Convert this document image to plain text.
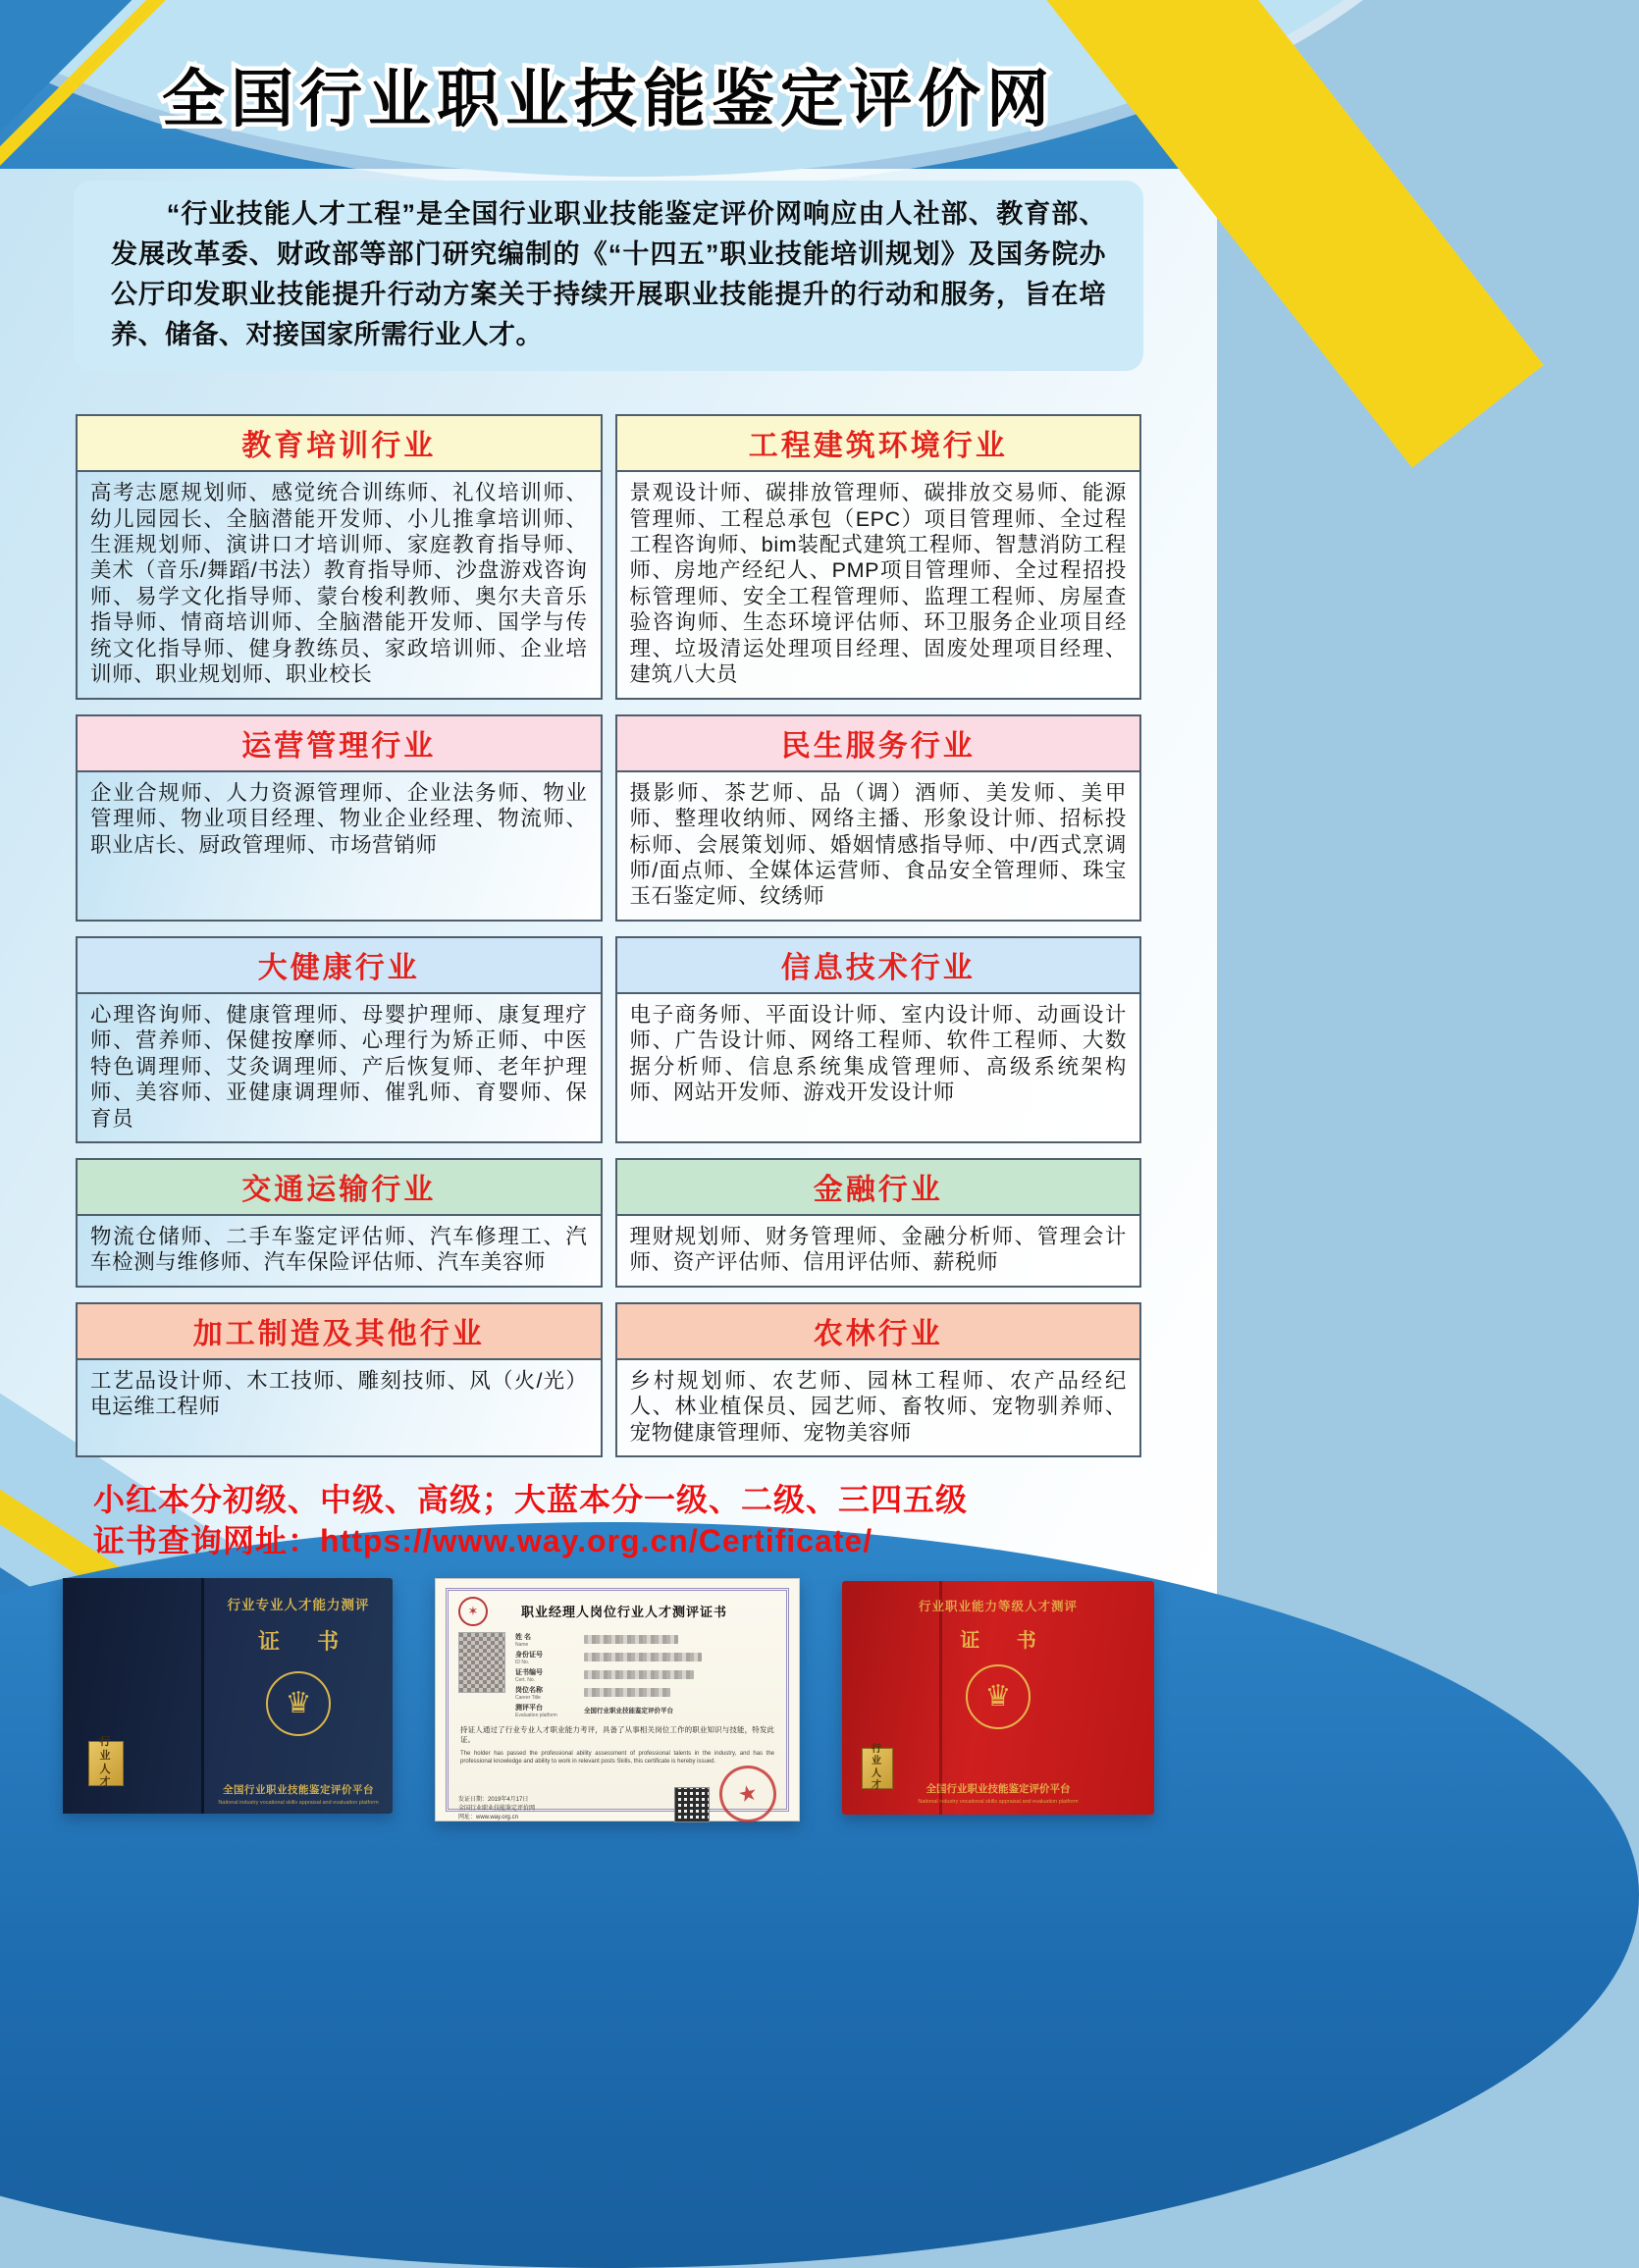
全国行业职业技能鉴定评价网

“行业技能人才工程”是全国行业职业技能鉴定评价网响应由人社部、教育部、发展改革委、财政部等部门研究编制的《“十四五”职业技能培训规划》及国务院办公厅印发职业技能提升行动方案关于持续开展职业技能提升的行动和服务，旨在培养、储备、对接国家所需行业人才。

教育培训行业
高考志愿规划师、感觉统合训练师、礼仪培训师、幼儿园园长、全脑潜能开发师、小儿推拿培训师、生涯规划师、演讲口才培训师、家庭教育指导师、美术（音乐/舞蹈/书法）教育指导师、沙盘游戏咨询师、易学文化指导师、蒙台梭利教师、奥尔夫音乐指导师、情商培训师、全脑潜能开发师、国学与传统文化指导师、健身教练员、家政培训师、企业培训师、职业规划师、职业校长
工程建筑环境行业
景观设计师、碳排放管理师、碳排放交易师、能源管理师、工程总承包（EPC）项目管理师、全过程工程咨询师、bim装配式建筑工程师、智慧消防工程师、房地产经纪人、PMP项目管理师、全过程招投标管理师、安全工程管理师、监理工程师、房屋查验咨询师、生态环境评估师、环卫服务企业项目经理、垃圾清运处理项目经理、固废处理项目经理、建筑八大员
运营管理行业
企业合规师、人力资源管理师、企业法务师、物业管理师、物业项目经理、物业企业经理、物流师、职业店长、厨政管理师、市场营销师
民生服务行业
摄影师、茶艺师、品（调）酒师、美发师、美甲师、整理收纳师、网络主播、形象设计师、招标投标师、会展策划师、婚姻情感指导师、中/西式烹调师/面点师、全媒体运营师、食品安全管理师、珠宝玉石鉴定师、纹绣师
大健康行业
心理咨询师、健康管理师、母婴护理师、康复理疗师、营养师、保健按摩师、心理行为矫正师、中医特色调理师、艾灸调理师、产后恢复师、老年护理师、美容师、亚健康调理师、催乳师、育婴师、保育员
信息技术行业
电子商务师、平面设计师、室内设计师、动画设计师、广告设计师、网络工程师、软件工程师、大数据分析师、信息系统集成管理师、高级系统架构师、网站开发师、游戏开发设计师
交通运输行业
物流仓储师、二手车鉴定评估师、汽车修理工、汽车检测与维修师、汽车保险评估师、汽车美容师
金融行业
理财规划师、财务管理师、金融分析师、管理会计师、资产评估师、信用评估师、薪税师
加工制造及其他行业
工艺品设计师、木工技师、雕刻技师、风（火/光）电运维工程师
农林行业
乡村规划师、农艺师、园林工程师、农产品经纪人、林业植保员、园艺师、畜牧师、宠物驯养师、宠物健康管理师、宠物美容师

小红本分初级、中级、高级；大蓝本分一级、二级、三四五级

证书查询网址：https://www.way.org.cn/Certificate/

行业人才
行业专业人才能力测评
证 书
♛
全国行业职业技能鉴定评价平台
National industry vocational skills appraisal and evaluation platform
✶	职业经理人岗位行业人才测评证书
姓 名
Name
身份证号
ID No.
证书编号
Cert. No.
岗位名称
Career Title
测评平台
Evaluation platform
全国行业职业技能鉴定评价平台

持证人通过了行业专业人才职业能力考评，具备了从事相关岗位工作的职业知识与技能，特发此证。

The holder has passed the professional ability assessment of professional talents in the industry, and has the professional knowledge and ability to work in relevant posts Skills, this certificate is hereby issued.

发证日期：2019年4月17日
全国行业职业技能鉴定评价网
网址：www.way.org.cn
★
行业职业能力等级人才测评
证 书
♛
全国行业职业技能鉴定评价平台
National industry vocational skills appraisal and evaluation platform
行业人才
